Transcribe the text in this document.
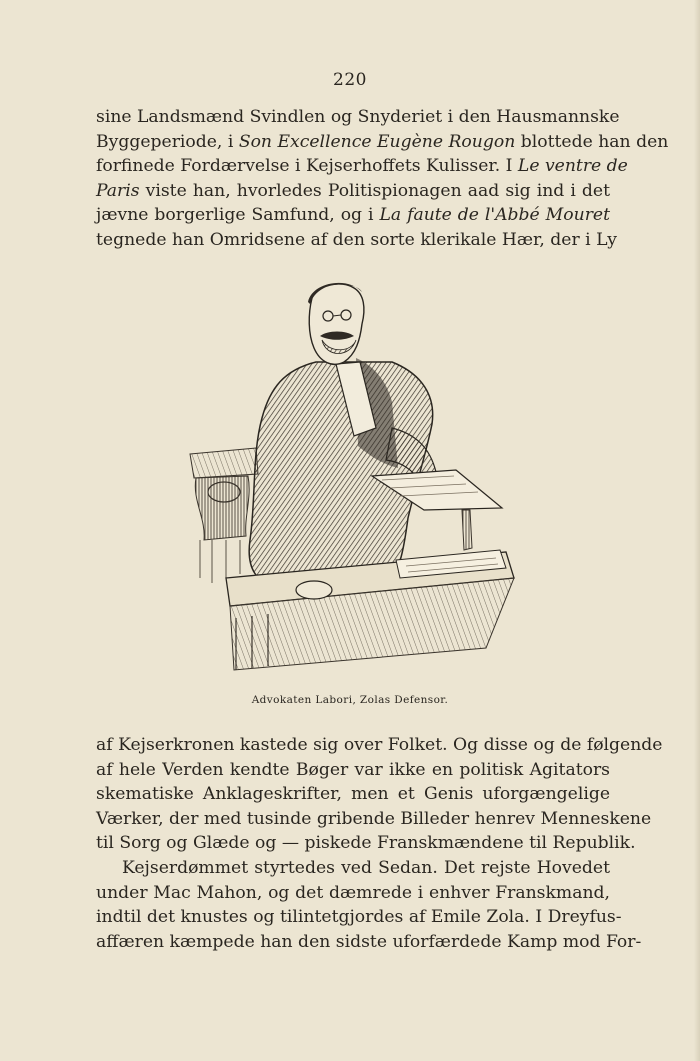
220
sine Landsmænd Svindlen og Snyderiet i den Hausmannske
Byggeperiode, i Son Excellence Eugène Rougon blottede han den
forfinede Fordærvelse i Kejserhoffets Kulisser. I Le ventre de
Paris viste han, hvorledes Politispionagen aad sig ind i det
jævne borgerlige Samfund, og i La faute de l'Abbé Mouret
tegnede han Omridsene af den sorte klerikale Hær, der i Ly
Advokaten Labori, Zolas Defensor.
af Kejserkronen kastede sig over Folket. Og disse og de følgende
af hele Verden kendte Bøger var ikke en politisk Agitators
skematiske Anklageskrifter, men et Genis uforgængelige
Værker, der med tusinde gribende Billeder henrev Menneskene
til Sorg og Glæde og — piskede Franskmændene til Republik.
Kejserdømmet styrtedes ved Sedan. Det rejste Hovedet
under Mac Mahon, og det dæmrede i enhver Franskmand,
indtil det knustes og tilintetgjordes af Emile Zola. I Dreyfus-
affæren kæmpede han den sidste uforfærdede Kamp mod For-
